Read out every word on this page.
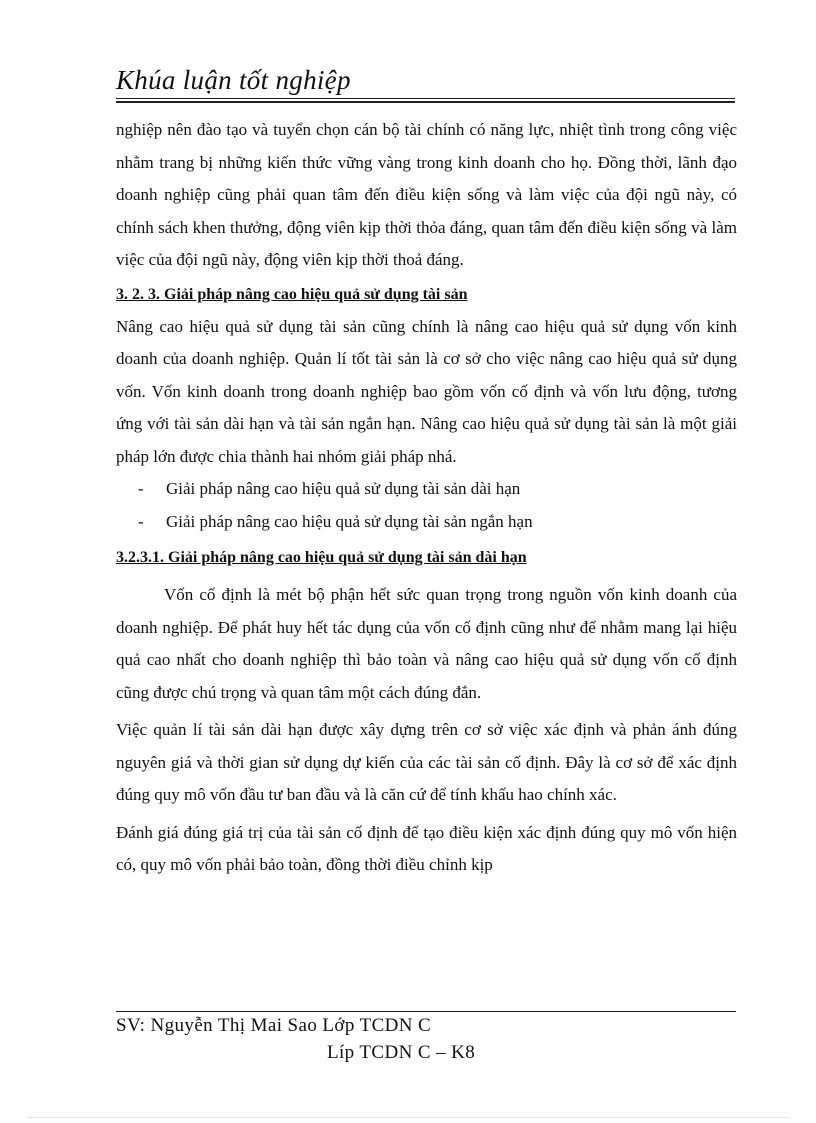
Khúa luận tốt nghiệp

nghiệp nên đào tạo và tuyển chọn cán bộ tài chính có năng lực, nhiệt tình trong công việc nhằm trang bị những kiến thức vững vàng trong kinh doanh cho họ. Đồng thời, lãnh đạo doanh nghiệp cũng phải quan tâm đến điều kiện sống và làm việc của đội ngũ này, có chính sách khen thưởng, động viên kịp thời thỏa đáng, quan tâm đến điều kiện sống và làm việc của đội ngũ này, động viên kịp thời thoả đáng.

3. 2. 3. Giải pháp nâng cao hiệu quả sử dụng tài sản

Nâng cao hiệu quả sử dụng tài sản cũng chính là nâng cao hiệu quả sử dụng vốn kinh doanh của doanh nghiệp. Quản lí tốt tài sản là cơ sở cho việc nâng cao hiệu quả sử dụng vốn. Vốn kinh doanh trong doanh nghiệp bao gồm vốn cố định và vốn lưu động, tương ứng với tài sản dài hạn và tài sản ngắn hạn. Nâng cao hiệu quả sử dụng tài sản là một giải pháp lớn được chia thành hai nhóm giải pháp nhá.

- Giải pháp nâng cao hiệu quả sử dụng tài sản dài hạn
- Giải pháp nâng cao hiệu quả sử dụng tài sản ngắn hạn

3.2.3.1. Giải pháp nâng cao hiệu quả sử dụng tài sản dài hạn

Vốn cố định là mét bộ phận hết sức quan trọng trong nguồn vốn kinh doanh của doanh nghiệp. Để phát huy hết tác dụng của vốn cố định cũng như để nhằm mang lại hiệu quả cao nhất cho doanh nghiệp thì bảo toàn và nâng cao hiệu quả sử dụng vốn cố định cũng được chú trọng và quan tâm một cách đúng đắn.

Việc quản lí tài sản dài hạn được xây dựng trên cơ sở việc xác định và phản ánh đúng nguyên giá và thời gian sử dụng dự kiến của các tài sản cố định. Đây là cơ sở để xác định đúng quy mô vốn đầu tư ban đầu và là căn cứ để tính khấu hao chính xác.

Đánh giá đúng giá trị của tài sản cố định để tạo điều kiện xác định đúng quy mô vốn hiện có, quy mô vốn phải bảo toàn, đồng thời điều chỉnh kịp

SV: Nguyễn Thị Mai Sao Lớp TCDN C
Líp TCDN C – K8
